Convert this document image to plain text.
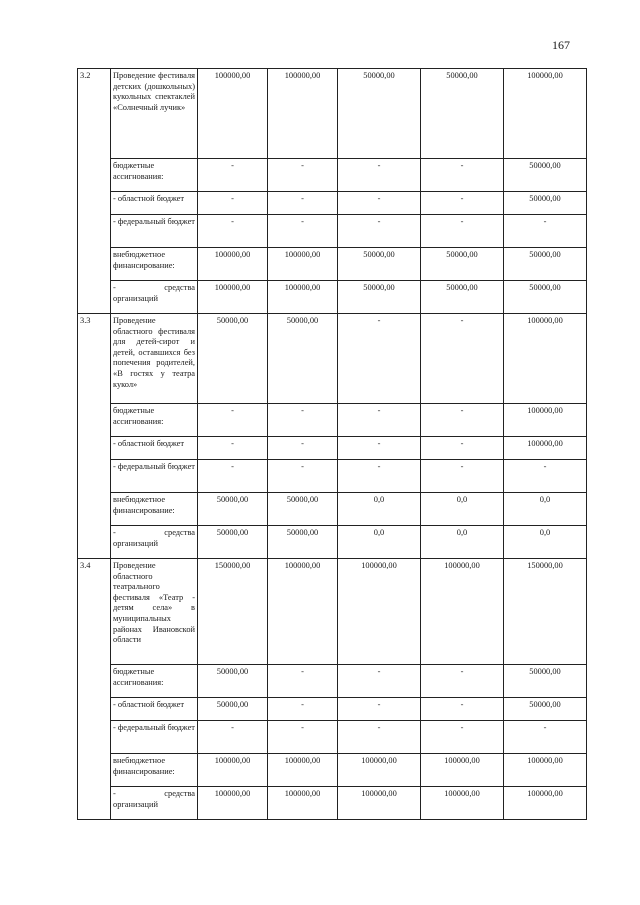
167
3.2	Проведение фестиваля детских (дошкольных) кукольных спектаклей «Солнечный лучик»	100000,00	100000,00	50000,00	50000,00	100000,00
	бюджетные ассигнования:	-	-	-	-	50000,00
	- областной бюджет	-	-	-	-	50000,00
	- федеральный бюджет	-	-	-	-	-
	внебюджетное финансирование:	100000,00	100000,00	50000,00	50000,00	50000,00
	- средства организаций	100000,00	100000,00	50000,00	50000,00	50000,00
3.3	Проведение областного фестиваля для детей-сирот и детей, оставшихся без попечения родителей, «В гостях у театра кукол»	50000,00	50000,00	-	-	100000,00
	бюджетные ассигнования:	-	-	-	-	100000,00
	- областной бюджет	-	-	-	-	100000,00
	- федеральный бюджет	-	-	-	-	-
	внебюджетное финансирование:	50000,00	50000,00	0,0	0,0	0,0
	- средства организаций	50000,00	50000,00	0,0	0,0	0,0
3.4	Проведение областного театрального фестиваля «Театр - детям села» в муниципальных районах Ивановской области	150000,00	100000,00	100000,00	100000,00	150000,00
	бюджетные ассигнования:	50000,00	-	-	-	50000,00
	- областной бюджет	50000,00	-	-	-	50000,00
	- федеральный бюджет	-	-	-	-	-
	внебюджетное финансирование:	100000,00	100000,00	100000,00	100000,00	100000,00
	- средства организаций	100000,00	100000,00	100000,00	100000,00	100000,00
